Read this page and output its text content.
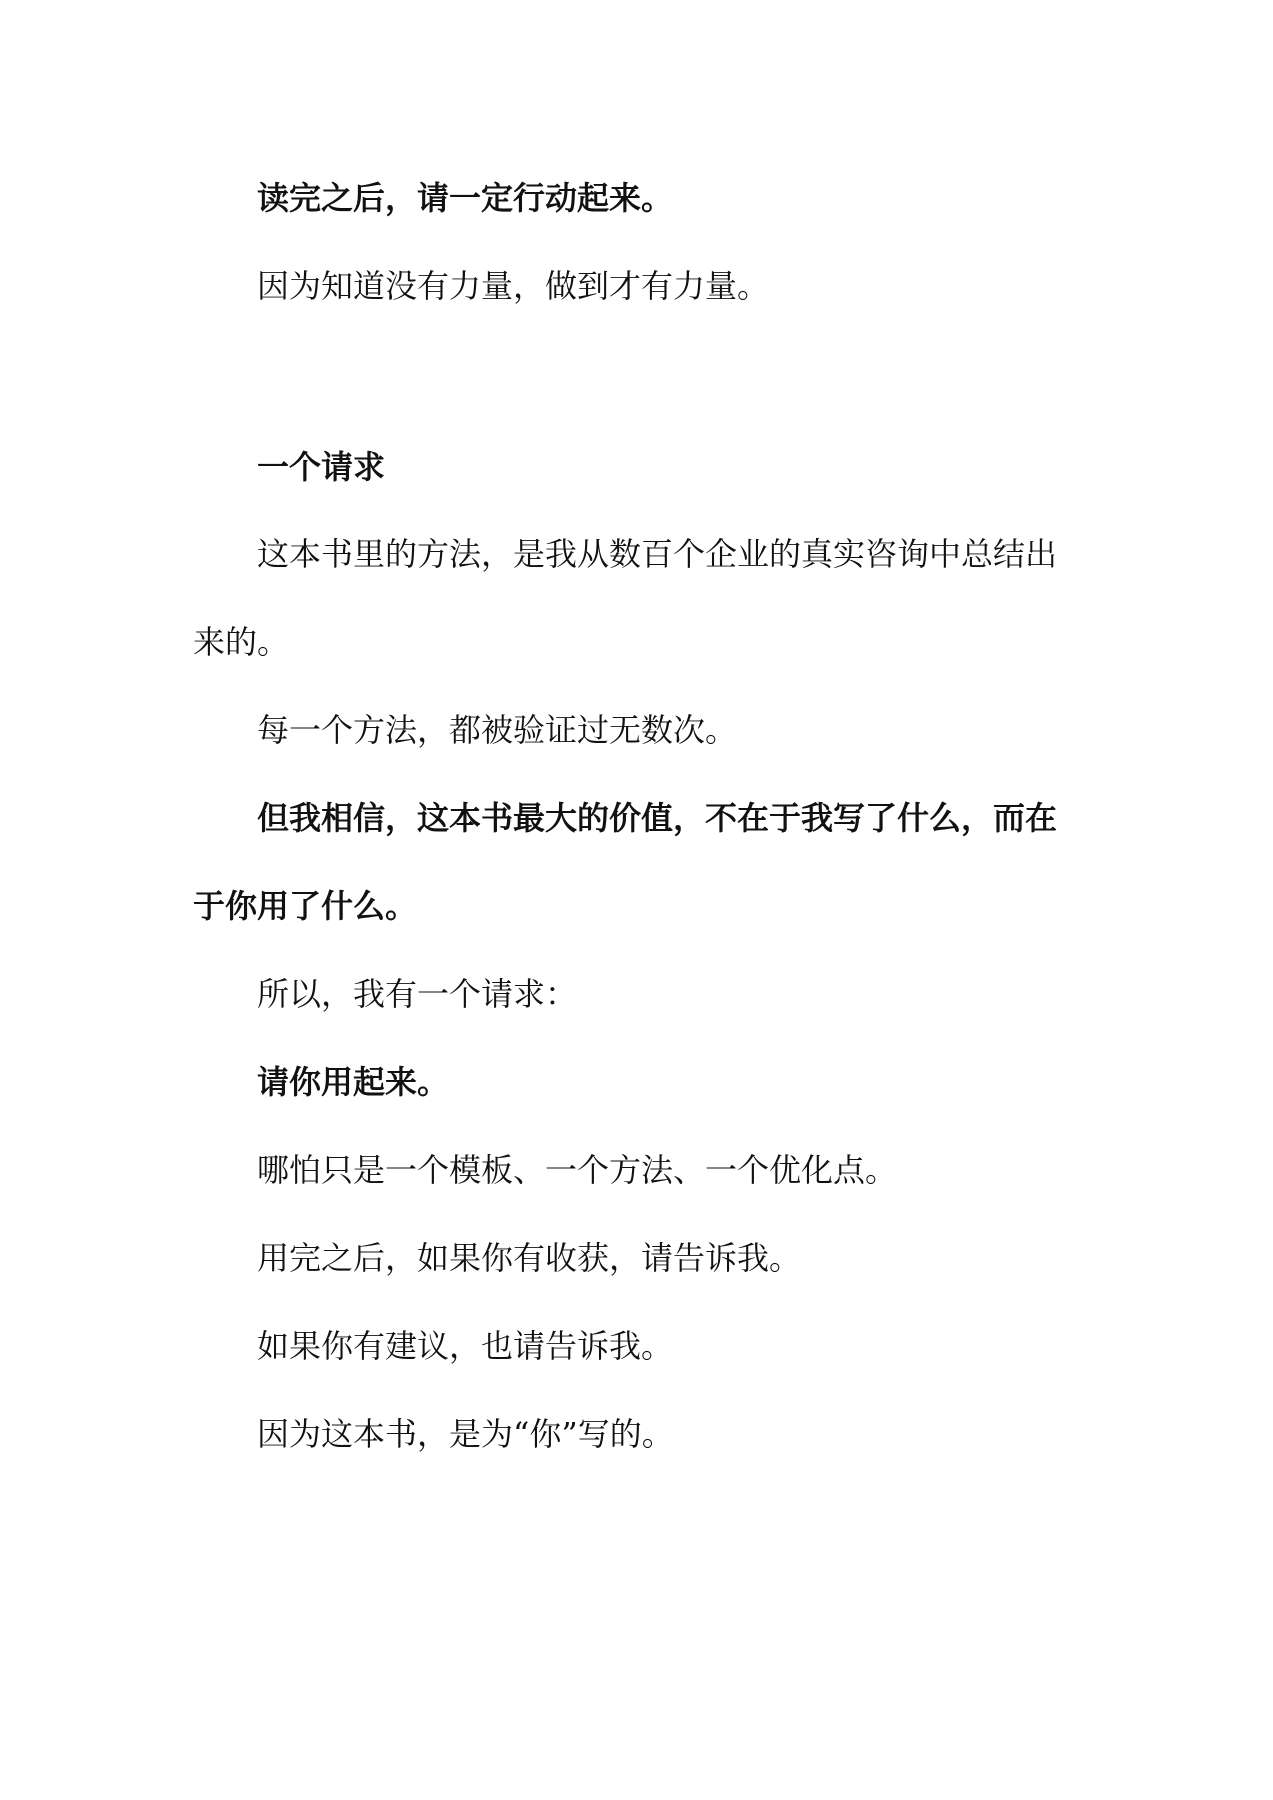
读完之后，请一定行动起来。

因为知道没有力量，做到才有力量。

一个请求

这本书里的方法，是我从数百个企业的真实咨询中总结出来的。

每一个方法，都被验证过无数次。

但我相信，这本书最大的价值，不在于我写了什么，而在于你用了什么。

所以，我有一个请求：

请你用起来。

哪怕只是一个模板、一个方法、一个优化点。

用完之后，如果你有收获，请告诉我。

如果你有建议，也请告诉我。

因为这本书，是为“你”写的。
